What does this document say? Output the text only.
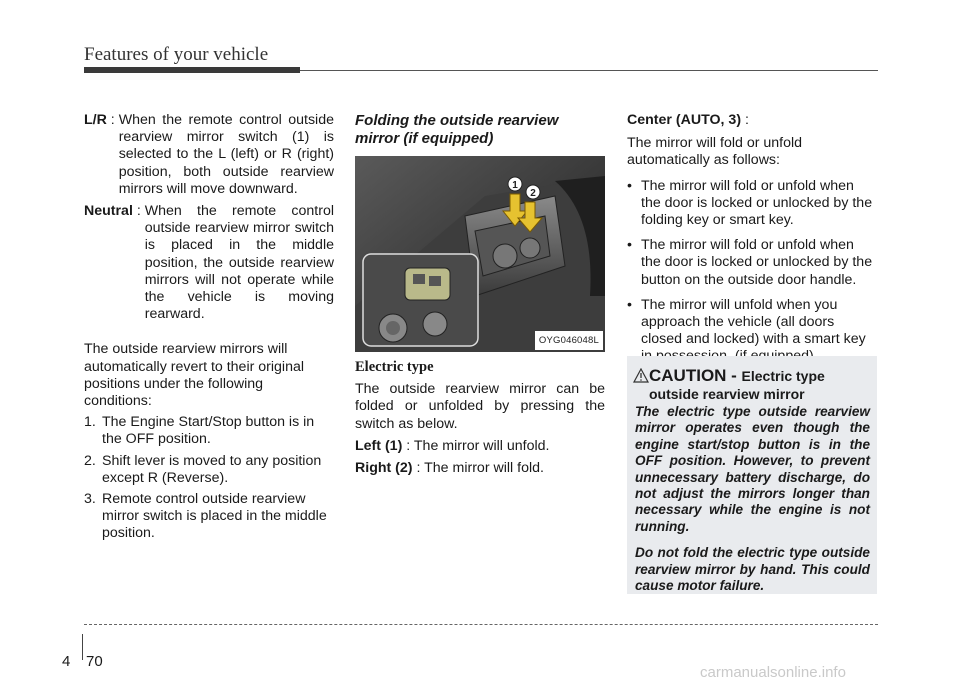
Features of your vehicle
L/R : When the remote control outside rearview mirror switch (1) is selected to the L (left) or R (right) position, both outside rearview mirrors will move downward.
Neutral : When the remote control outside rearview mirror switch is placed in the middle position, the outside rearview mirrors will not operate while the vehicle is moving rearward.

The outside rearview mirrors will automatically revert to their original positions under the following conditions:

1. The Engine Start/Stop button is in the OFF position.
2. Shift lever is moved to any position except R (Reverse).
3. Remote control outside rearview mirror switch is placed in the middle position.
Folding the outside rearview mirror (if equipped)
1
2
OYG046048L
Electric type

The outside rearview mirror can be folded or unfolded by pressing the switch as below.

Left (1) : The mirror will unfold.

Right (2) : The mirror will fold.

Center (AUTO, 3) :

The mirror will fold or unfold automatically as follows:

• The mirror will fold or unfold when the door is locked or unlocked by the folding key or smart key.
• The mirror will fold or unfold when the door is locked or unlocked by the button on the outside door handle.
• The mirror will unfold when you approach the vehicle (all doors closed and locked) with a smart key
CAUTION - Electric type
outside rearview mirror

The electric type outside rearview mirror operates even though the engine start/stop button is in the OFF position. However, to prevent unnecessary battery discharge, do not adjust the mirrors longer than necessary while the engine is not running.

Do not fold the electric type outside rearview mirror by hand. This could cause motor failure.

4 70
carmanualsonline.info
